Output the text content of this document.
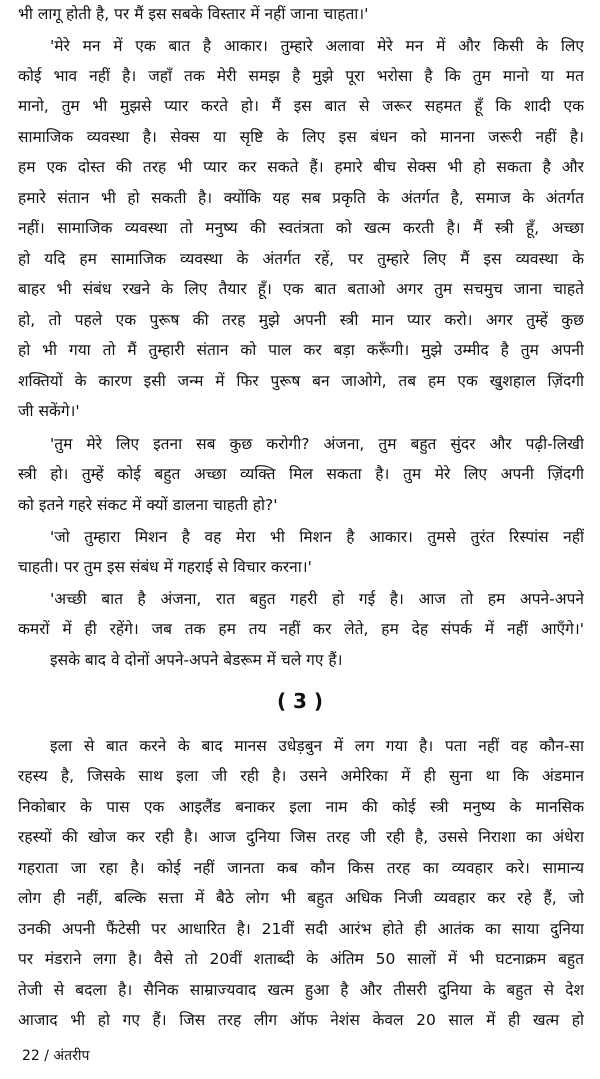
भी लागू होती है, पर मैं इस सबके विस्तार में नहीं जाना चाहता।'
'मेरे मन में एक बात है आकार। तुम्हारे अलावा मेरे मन में और किसी के लिए
कोई भाव नहीं है। जहाँ तक मेरी समझ है मुझे पूरा भरोसा है कि तुम मानो या मत
मानो, तुम भी मुझसे प्यार करते हो। मैं इस बात से जरूर सहमत हूँ कि शादी एक
सामाजिक व्यवस्था है। सेक्स या सृष्टि के लिए इस बंधन को मानना जरूरी नहीं है।
हम एक दोस्त की तरह भी प्यार कर सकते हैं। हमारे बीच सेक्स भी हो सकता है और
हमारे संतान भी हो सकती है। क्योंकि यह सब प्रकृति के अंतर्गत है, समाज के अंतर्गत
नहीं। सामाजिक व्यवस्था तो मनुष्य की स्वतंत्रता को खत्म करती है। मैं स्त्री हूँ, अच्छा
हो यदि हम सामाजिक व्यवस्था के अंतर्गत रहें, पर तुम्हारे लिए मैं इस व्यवस्था के
बाहर भी संबंध रखने के लिए तैयार हूँ। एक बात बताओ अगर तुम सचमुच जाना चाहते
हो, तो पहले एक पुरूष की तरह मुझे अपनी स्त्री मान प्यार करो। अगर तुम्हें कुछ
हो भी गया तो मैं तुम्हारी संतान को पाल कर बड़ा करूँगी। मुझे उम्मीद है तुम अपनी
शक्तियों के कारण इसी जन्म में फिर पुरूष बन जाओगे, तब हम एक खुशहाल ज़िंदगी
जी सकेंगे।'
'तुम मेरे लिए इतना सब कुछ करोगी? अंजना, तुम बहुत सुंदर और पढ़ी-लिखी
स्त्री हो। तुम्हें कोई बहुत अच्छा व्यक्ति मिल सकता है। तुम मेरे लिए अपनी ज़िंदगी
को इतने गहरे संकट में क्यों डालना चाहती हो?'
'जो तुम्हारा मिशन है वह मेरा भी मिशन है आकार। तुमसे तुरंत रिस्पांस नहीं
चाहती। पर तुम इस संबंध में गहराई से विचार करना।'
'अच्छी बात है अंजना, रात बहुत गहरी हो गई है। आज तो हम अपने-अपने
कमरों में ही रहेंगे। जब तक हम तय नहीं कर लेते, हम देह संपर्क में नहीं आएँगे।'
इसके बाद वे दोनों अपने-अपने बेडरूम में चले गए हैं।
( 3 )
इला से बात करने के बाद मानस उधेड़बुन में लग गया है। पता नहीं वह कौन-सा
रहस्य है, जिसके साथ इला जी रही है। उसने अमेरिका में ही सुना था कि अंडमान
निकोबार के पास एक आइलैंड बनाकर इला नाम की कोई स्त्री मनुष्य के मानसिक
रहस्यों की खोज कर रही है। आज दुनिया जिस तरह जी रही है, उससे निराशा का अंधेरा
गहराता जा रहा है। कोई नहीं जानता कब कौन किस तरह का व्यवहार करे। सामान्य
लोग ही नहीं, बल्कि सत्ता में बैठे लोग भी बहुत अधिक निजी व्यवहार कर रहे हैं, जो
उनकी अपनी फैंटेसी पर आधारित है। 21वीं सदी आरंभ होते ही आतंक का साया दुनिया
पर मंडराने लगा है। वैसे तो 20वीं शताब्दी के अंतिम 50 सालों में भी घटनाक्रम बहुत
तेजी से बदला है। सैनिक साम्राज्यवाद खत्म हुआ है और तीसरी दुनिया के बहुत से देश
आजाद भी हो गए हैं। जिस तरह लीग ऑफ नेशंस केवल 20 साल में ही खत्म हो
22 / अंतरीप
